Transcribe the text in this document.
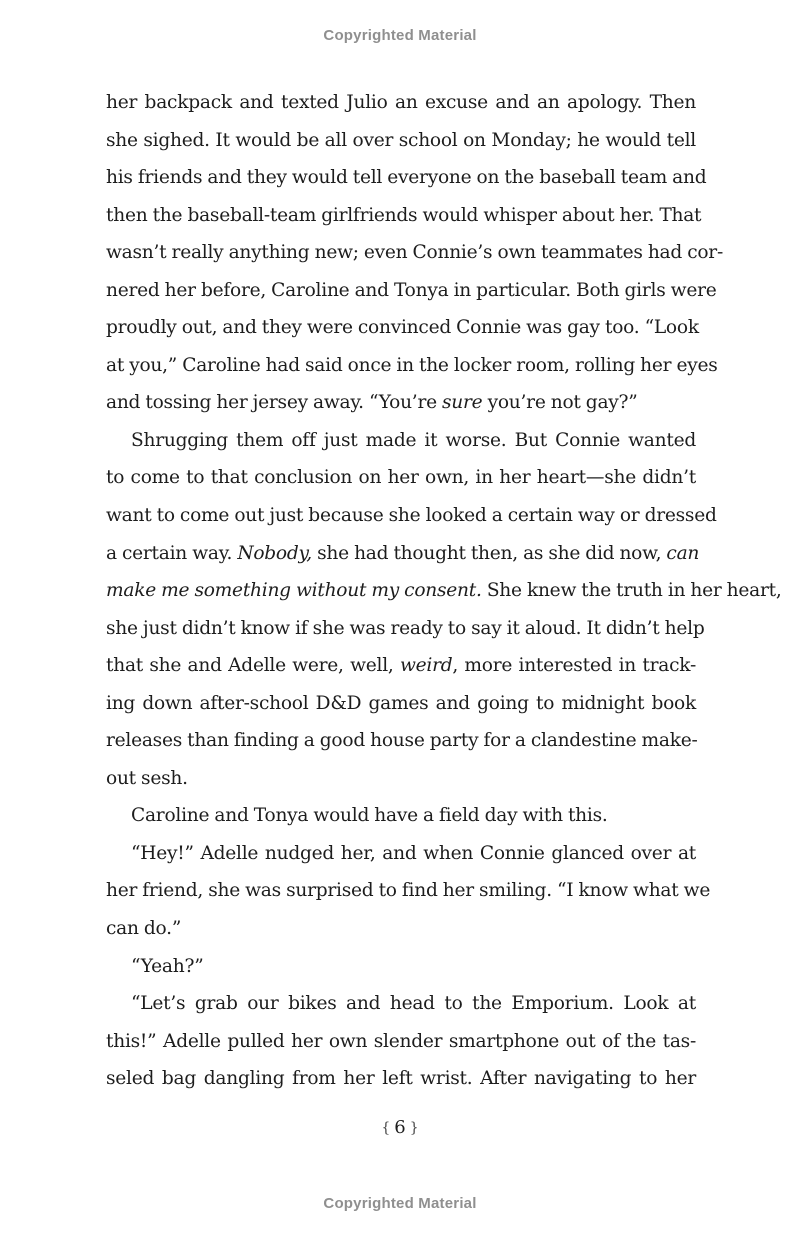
Copyrighted Material
her backpack and texted Julio an excuse and an apology. Then
she sighed. It would be all over school on Monday; he would tell
his friends and they would tell everyone on the baseball team and
then the baseball-team girlfriends would whisper about her. That
wasn’t really anything new; even Connie’s own teammates had cor-
nered her before, Caroline and Tonya in particular. Both girls were
proudly out, and they were convinced Connie was gay too. “Look
at you,” Caroline had said once in the locker room, rolling her eyes
and tossing her jersey away. “You’re sure you’re not gay?”
Shrugging them off just made it worse. But Connie wanted
to come to that conclusion on her own, in her heart—she didn’t
want to come out just because she looked a certain way or dressed
a certain way. Nobody, she had thought then, as she did now, can
make me something without my consent. She knew the truth in her heart,
she just didn’t know if she was ready to say it aloud. It didn’t help
that she and Adelle were, well, weird, more interested in track-
ing down after-school D&D games and going to midnight book
releases than finding a good house party for a clandestine make-
out sesh.
Caroline and Tonya would have a field day with this.
“Hey!” Adelle nudged her, and when Connie glanced over at
her friend, she was surprised to find her smiling. “I know what we
can do.”
“Yeah?”
“Let’s grab our bikes and head to the Emporium. Look at
this!” Adelle pulled her own slender smartphone out of the tas-
seled bag dangling from her left wrist. After navigating to her
{ 6 }
Copyrighted Material
